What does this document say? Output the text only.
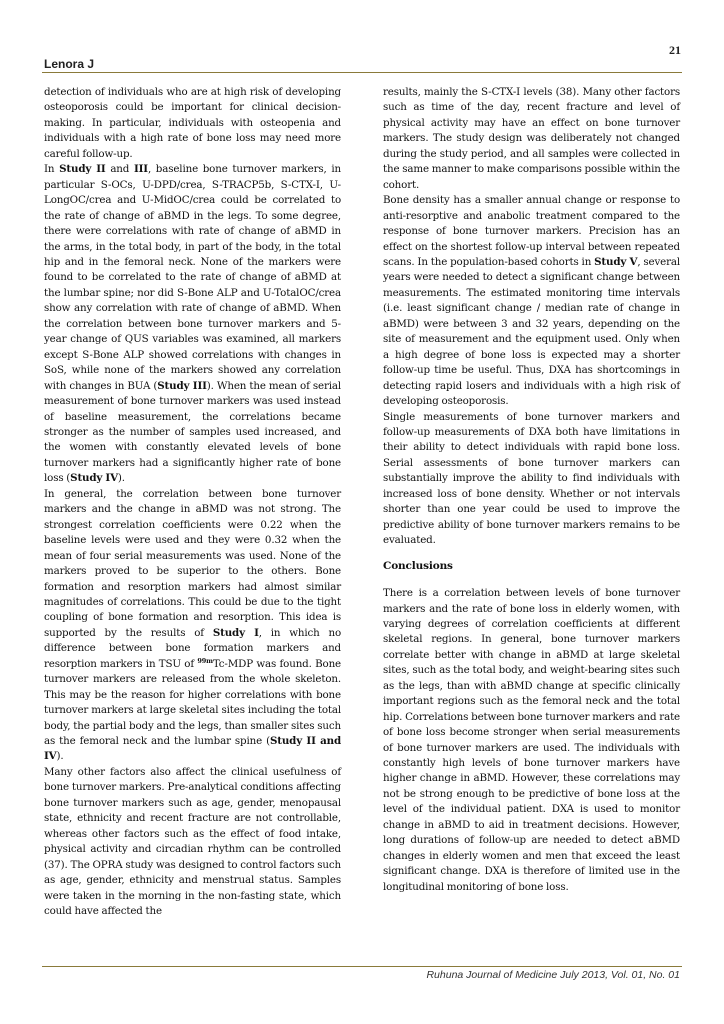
Lenora J
21

detection of individuals who are at high risk of developing osteoporosis could be important for clinical decision-making. In particular, individuals with osteopenia and individuals with a high rate of bone loss may need more careful follow-up.

In Study II and III, baseline bone turnover markers, in particular S-OCs, U-DPD/crea, S-TRACP5b, S-CTX-I, U-LongOC/crea and U-MidOC/crea could be correlated to the rate of change of aBMD in the legs. To some degree, there were correlations with rate of change of aBMD in the arms, in the total body, in part of the body, in the total hip and in the femoral neck. None of the markers were found to be correlated to the rate of change of aBMD at the lumbar spine; nor did S-Bone ALP and U-TotalOC/crea show any correlation with rate of change of aBMD. When the correlation between bone turnover markers and 5-year change of QUS variables was examined, all markers except S-Bone ALP showed correlations with changes in SoS, while none of the markers showed any correlation with changes in BUA (Study III). When the mean of serial measurement of bone turnover markers was used instead of baseline measurement, the correlations became stronger as the number of samples used increased, and the women with constantly elevated levels of bone turnover markers had a significantly higher rate of bone loss (Study IV).

In general, the correlation between bone turnover markers and the change in aBMD was not strong. The strongest correlation coefficients were 0.22 when the baseline levels were used and they were 0.32 when the mean of four serial measurements was used. None of the markers proved to be superior to the others. Bone formation and resorption markers had almost similar magnitudes of correlations. This could be due to the tight coupling of bone formation and resorption. This idea is supported by the results of Study I, in which no difference between bone formation markers and resorption markers in TSU of $^{99m}$Tc-MDP was found. Bone turnover markers are released from the whole skeleton. This may be the reason for higher correlations with bone turnover markers at large skeletal sites including the total body, the partial body and the legs, than smaller sites such as the femoral neck and the lumbar spine (Study II and IV).

Many other factors also affect the clinical usefulness of bone turnover markers. Pre-analytical conditions affecting bone turnover markers such as age, gender, menopausal state, ethnicity and recent fracture are not controllable, whereas other factors such as the effect of food intake, physical activity and circadian rhythm can be controlled (37). The OPRA study was designed to control factors such as age, gender, ethnicity and menstrual status. Samples were taken in the morning in the non-fasting state, which could have affected the

results, mainly the S-CTX-I levels (38). Many other factors such as time of the day, recent fracture and level of physical activity may have an effect on bone turnover markers. The study design was deliberately not changed during the study period, and all samples were collected in the same manner to make comparisons possible within the cohort.

Bone density has a smaller annual change or response to anti-resorptive and anabolic treatment compared to the response of bone turnover markers. Precision has an effect on the shortest follow-up interval between repeated scans. In the population-based cohorts in Study V, several years were needed to detect a significant change between measurements. The estimated monitoring time intervals (i.e. least significant change / median rate of change in aBMD) were between 3 and 32 years, depending on the site of measurement and the equipment used. Only when a high degree of bone loss is expected may a shorter follow-up time be useful. Thus, DXA has shortcomings in detecting rapid losers and individuals with a high risk of developing osteoporosis.

Single measurements of bone turnover markers and follow-up measurements of DXA both have limitations in their ability to detect individuals with rapid bone loss. Serial assessments of bone turnover markers can substantially improve the ability to find individuals with increased loss of bone density. Whether or not intervals shorter than one year could be used to improve the predictive ability of bone turnover markers remains to be evaluated.

Conclusions

There is a correlation between levels of bone turnover markers and the rate of bone loss in elderly women, with varying degrees of correlation coefficients at different skeletal regions. In general, bone turnover markers correlate better with change in aBMD at large skeletal sites, such as the total body, and weight-bearing sites such as the legs, than with aBMD change at specific clinically important regions such as the femoral neck and the total hip. Correlations between bone turnover markers and rate of bone loss become stronger when serial measurements of bone turnover markers are used. The individuals with constantly high levels of bone turnover markers have higher change in aBMD. However, these correlations may not be strong enough to be predictive of bone loss at the level of the individual patient. DXA is used to monitor change in aBMD to aid in treatment decisions. However, long durations of follow-up are needed to detect aBMD changes in elderly women and men that exceed the least significant change. DXA is therefore of limited use in the longitudinal monitoring of bone loss.

Ruhuna Journal of Medicine July 2013, Vol. 01, No. 01
